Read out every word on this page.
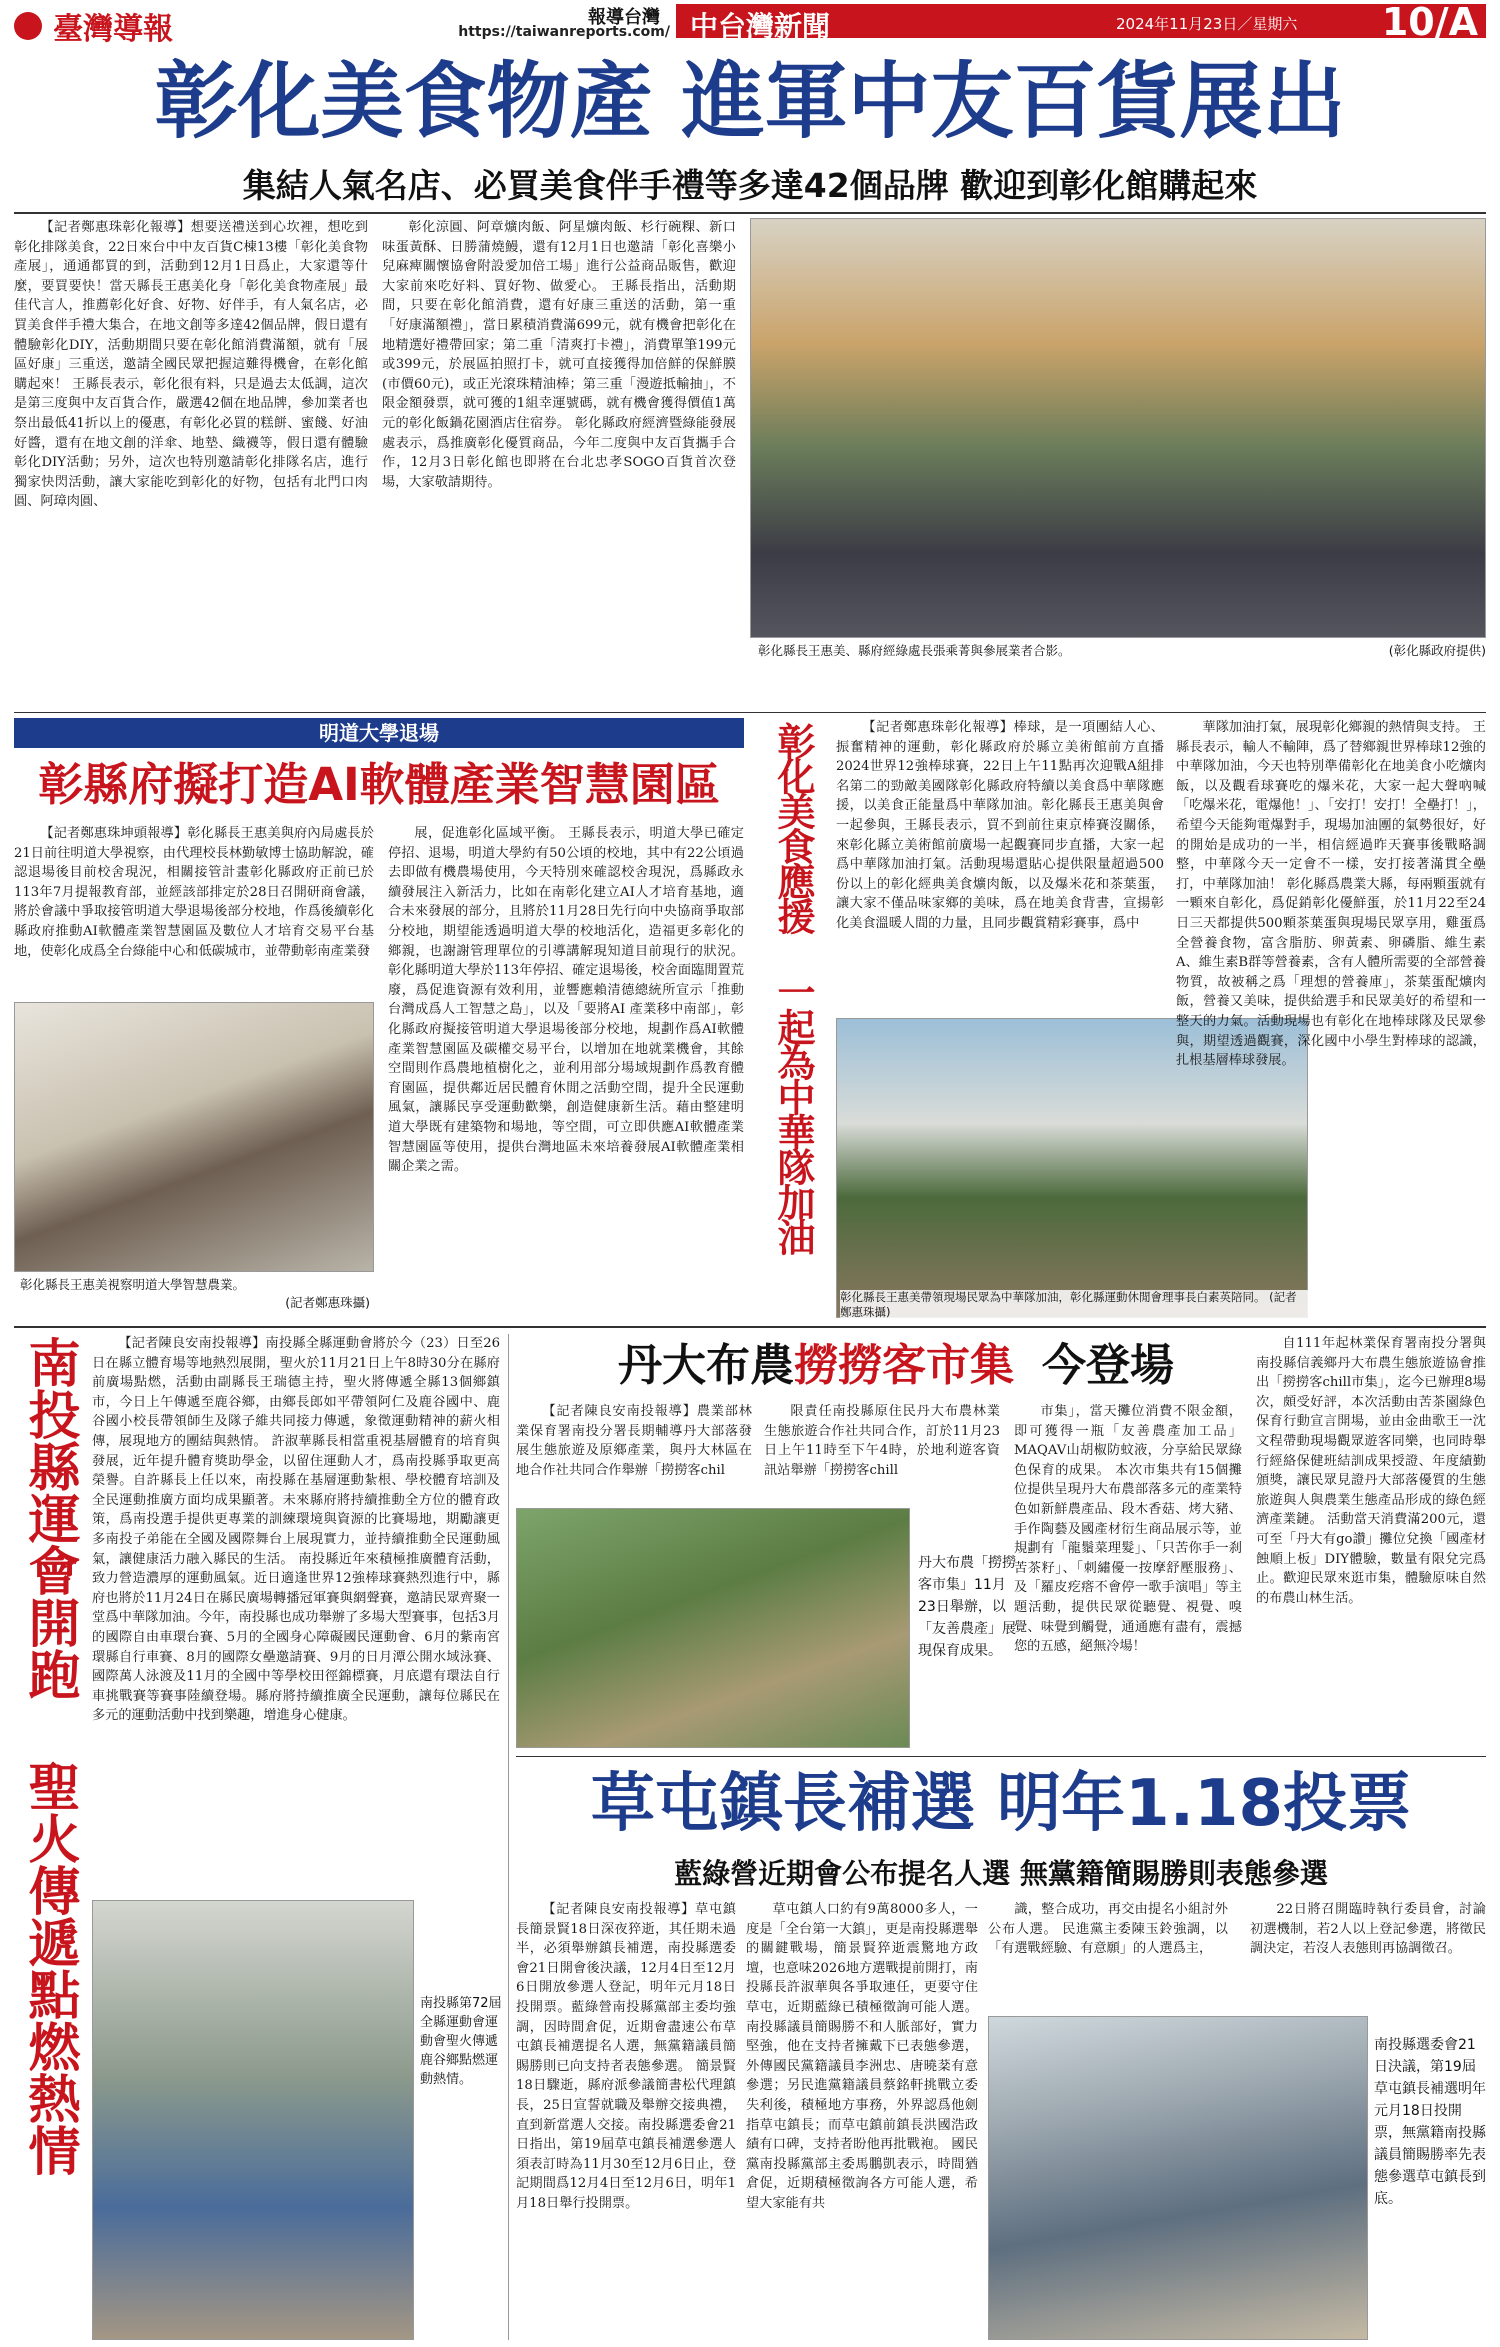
臺灣導報	報導台灣
https://taiwanreports.com/ 中台灣新聞	2024年11月23日／星期六 10/A
彰化美食物產 進軍中友百貨展出
集結人氣名店、必買美食伴手禮等多達42個品牌 歡迎到彰化館購起來

【記者鄭惠珠彰化報導】想要送禮送到心坎裡，想吃到彰化排隊美食，22日來台中中友百貨C棟13樓「彰化美食物產展」，通通都買的到，活動到12月1日爲止，大家還等什麼，要買要快！當天縣長王惠美化身「彰化美食物產展」最佳代言人，推薦彰化好食、好物、好伴手，有人氣名店，必買美食伴手禮大集合，在地文創等多達42個品牌，假日還有體驗彰化DIY，活動期間只要在彰化館消費滿額，就有「展區好康」三重送，邀請全國民眾把握這難得機會，在彰化館購起來！ 王縣長表示，彰化很有料，只是過去太低調，這次是第三度與中友百貨合作，嚴選42個在地品牌，參加業者也祭出最低41折以上的優惠，有彰化必買的糕餅、蜜餞、好油好醬，還有在地文創的洋傘、地墊、織襪等，假日還有體驗彰化DIY活動；另外，這次也特別邀請彰化排隊名店，進行獨家快閃活動，讓大家能吃到彰化的好物，包括有北門口肉圓、阿璋肉圓、

彰化涼圓、阿章爌肉飯、阿星爌肉飯、杉行碗粿、新口味蛋黃酥、日勝蒲燒鰻，還有12月1日也邀請「彰化喜樂小兒麻痺關懷協會附設愛加倍工場」進行公益商品販售，歡迎大家前來吃好料、買好物、做愛心。 王縣長指出，活動期間，只要在彰化館消費，還有好康三重送的活動，第一重「好康滿額禮」，當日累積消費滿699元，就有機會把彰化在地精選好禮帶回家；第二重「清爽打卡禮」，消費單筆199元或399元，於展區拍照打卡，就可直接獲得加倍鮮的保鮮膜(市價60元)，或正光滾珠精油棒；第三重「漫遊抵輸抽」，不限金額發票，就可獲的1組幸運號碼，就有機會獲得價值1萬元的彰化飯鍋花園酒店住宿券。 彰化縣政府經濟暨綠能發展處表示，爲推廣彰化優質商品，今年二度與中友百貨攜手合作，12月3日彰化館也即將在台北忠孝SOGO百貨首次登場，大家敬請期待。

彰化縣長王惠美、縣府經綠處長張乘菁與參展業者合影。	(彰化縣政府提供)
明道大學退場
彰縣府擬打造AI軟體產業智慧園區

【記者鄭惠珠坤頭報導】彰化縣長王惠美與府內局處長於21日前往明道大學視察，由代理校長林勤敏博士協助解說，確認退場後目前校舍現況，相關接管計畫彰化縣政府正前已於113年7月提報教育部，並經該部排定於28日召開研商會議，將於會議中爭取接管明道大學退場後部分校地，作爲後續彰化縣政府推動AI軟體產業智慧園區及數位人才培育交易平台基地，使彰化成爲全台綠能中心和低碳城市，並帶動彰南產業發

彰化縣長王惠美視察明道大學智慧農業。
(記者鄭惠珠攝)

展，促進彰化區域平衡。 王縣長表示，明道大學已確定停招、退場，明道大學約有50公頃的校地，其中有22公頃過去即做有機農場使用，今天特別來確認校舍現況，爲縣政永續發展注入新活力，比如在南彰化建立AI人才培育基地，適合未來發展的部分，且將於11月28日先行向中央協商爭取部分校地，期望能透過明道大學的校地活化，造福更多彰化的鄉親，也謝謝管理單位的引導講解現知道目前現行的狀況。 彰化縣明道大學於113年停招、確定退場後，校舍面臨閒置荒廢，爲促進資源有效利用，並響應賴清德總統所宣示「推動台灣成爲人工智慧之島」，以及「要將AI 產業移中南部」，彰化縣政府擬接管明道大學退場後部分校地，規劃作爲AI軟體產業智慧園區及碳權交易平台，以增加在地就業機會，其餘空間則作爲農地植樹化之，並利用部分場域規劃作爲教育體育園區，提供鄰近居民體育休閒之活動空間，提升全民運動風氣，讓縣民享受運動歡樂，創造健康新生活。藉由整建明道大學既有建築物和場地，等空間，可立即供應AI軟體產業智慧園區等使用，提供台灣地區未來培養發展AI軟體產業相關企業之需。	彰化美食應援 一起為中華隊加油	【記者鄭惠珠彰化報導】棒球，是一項團結人心、振奮精神的運動，彰化縣政府於縣立美術館前方直播2024世界12強棒球賽，22日上午11點再次迎戰A組排名第二的勁敵美國隊彰化縣政府特續以美食爲中華隊應援，以美食正能量爲中華隊加油。彰化縣長王惠美與會一起參與，王縣長表示，買不到前往東京棒賽沒關係，來彰化縣立美術館前廣場一起觀賽同步直播，大家一起爲中華隊加油打氣。活動現場還貼心提供限量超過500份以上的彰化經典美食爌肉飯，以及爆米花和茶葉蛋，讓大家不僅品味家鄉的美味，爲在地美食背書，宣揚彰化美食溫暖人間的力量，且同步觀賞精彩賽事，爲中

彰化縣長王惠美帶領現場民眾為中華隊加油，彰化縣運動休閒會理事長白素英陪同。 (記者鄭惠珠攝)

華隊加油打氣，展現彰化鄉親的熱情與支持。 王縣長表示，輸人不輸陣，爲了替鄉親世界棒球12強的中華隊加油，今天也特別準備彰化在地美食小吃爌肉飯，以及觀看球賽吃的爆米花，大家一起大聲吶喊「吃爆米花，電爆他！」、「安打！安打！全壘打！」，希望今天能夠電爆對手，現場加油團的氣勢很好，好的開始是成功的一半，相信經過昨天賽事後戰略調整，中華隊今天一定會不一樣，安打接著滿貫全壘打，中華隊加油！ 彰化縣爲農業大縣，每兩顆蛋就有一顆來自彰化，爲促銷彰化優鮮蛋，於11月22至24日三天都提供500顆茶葉蛋與現場民眾享用，雞蛋爲全營養食物，富含脂肪、卵黃素、卵磷脂、維生素A、維生素B群等營養素，含有人體所需要的全部營養物質，故被稱之爲「理想的營養庫」，茶葉蛋配爌肉飯，營養又美味，提供給選手和民眾美好的希望和一整天的力氣。活動現場也有彰化在地棒球隊及民眾參與，期望透過觀賽，深化國中小學生對棒球的認識，扎根基層棒球發展。

南投縣運會開跑 聖火傳遞點燃熱情	【記者陳良安南投報導】南投縣全縣運動會將於今（23）日至26日在縣立體育場等地熱烈展開，聖火於11月21日上午8時30分在縣府前廣場點燃，活動由副縣長王瑞德主持，聖火將傳遞全縣13個鄉鎮市，今日上午傳遞至鹿谷鄉，由鄉長郎如平帶領阿仁及鹿谷國中、鹿谷國小校長帶領師生及隊子維共同接力傳遞，象徵運動精神的薪火相傳，展現地方的團結與熱情。 許淑華縣長相當重視基層體育的培育與發展，近年提升體育獎助學金，以留住運動人才，爲南投縣爭取更高榮譽。自許縣長上任以來，南投縣在基層運動紮根、學校體育培訓及全民運動推廣方面均成果顯著。未來縣府將持續推動全方位的體育政策，爲南投選手提供更專業的訓練環境與資源的比賽場地，期勵讓更多南投子弟能在全國及國際舞台上展現實力，並持續推動全民運動風氣，讓健康活力融入縣民的生活。 南投縣近年來積極推廣體育活動，致力營造濃厚的運動風氣。近日適逢世界12強棒球賽熱烈進行中，縣府也將於11月24日在縣民廣場轉播冠軍賽與網聲賽，邀請民眾齊聚一堂爲中華隊加油。今年，南投縣也成功舉辦了多場大型賽事，包括3月的國際自由車環台賽、5月的全國身心障礙國民運動會、6月的紫南宮環縣自行車賽、8月的國際女壘邀請賽、9月的日月潭公開水域泳賽、國際萬人泳渡及11月的全國中等學校田徑錦標賽，月底還有環法自行車挑戰賽等賽事陸續登場。縣府將持續推廣全民運動，讓每位縣民在多元的運動活動中找到樂趣，增進身心健康。

南投縣第72屆全縣運動會運動會聖火傳遞鹿谷鄉點燃運動熱情。
丹大布農撈撈客市集 今登場

【記者陳良安南投報導】農業部林業保育署南投分署長期輔導丹大部落發展生態旅遊及原鄉產業，與丹大林區在地合作社共同合作舉辦「撈撈客chil

限責任南投縣原住民丹大布農林業生態旅遊合作社共同合作，訂於11月23日上午11時至下午4時，於地利遊客資訊站舉辦「撈撈客chill

丹大布農「撈撈客市集」11月23日舉辦，以「友善農產」展現保育成果。

市集」，當天攤位消費不限金額，即可獲得一瓶「友善農產加工品」MAQAV山胡椒防蚊液，分享給民眾綠色保育的成果。 本次市集共有15個攤位提供呈現丹大布農部落多元的產業特色如新鮮農產品、段木香菇、烤大豬、手作陶藝及國產材衍生商品展示等，並規劃有「龍鬚菜理髮」、「只苦你手一刹苦茶籽」、「刺繡優一按摩舒壓服務」、及「羅皮疙瘩不會停一歌手演唱」等主題活動，提供民眾從聽覺、視覺、嗅覺、味覺到觸覺，通通應有盡有，震撼您的五感，絕無冷場！

自111年起林業保育署南投分署與南投縣信義鄉丹大布農生態旅遊協會推出「撈撈客chill市集」，迄今已辦理8場次，頗受好評，本次活動由苦茶園綠色保育行動宣言開場，並由金曲歌王一沈文程帶動現場觀眾遊客同樂，也同時舉行經絡保健班結訓成果授證、年度績勤頒獎，讓民眾見證丹大部落優質的生態旅遊與人與農業生態產品形成的綠色經濟產業鏈。 活動當天消費滿200元，還可至「丹大有go讚」攤位兌換「國產材蝕順上板」DIY體驗，數量有限兌完爲止。歡迎民眾來逛市集，體驗原味自然的布農山林生活。

草屯鎮長補選 明年1.18投票
藍綠營近期會公布提名人選 無黨籍簡賜勝則表態參選

【記者陳良安南投報導】草屯鎮長簡景賢18日深夜猝逝，其任期未過半，必須舉辦鎮長補選，南投縣選委會21日開會後決議，12月4日至12月6日開放參選人登記，明年元月18日投開票。藍綠營南投縣黨部主委均強調，因時間倉促，近期會盡速公布草屯鎮長補選提名人選，無黨籍議員簡賜勝則已向支持者表態參選。 簡景賢18日驟逝，縣府派參議簡書松代理鎮長，25日宣誓就職及舉辦交接典禮，直到新當選人交接。南投縣選委會21日指出，第19屆草屯鎮長補選參選人須表訂時為11月30至12月6日止，登記期間爲12月4日至12月6日，明年1月18日舉行投開票。

草屯鎮人口約有9萬8000多人，一度是「全台第一大鎮」，更是南投縣選舉的關鍵戰場，簡景賢猝逝震驚地方政壇，也意味2026地方選戰提前開打，南投縣長許淑華與各爭取連任，更要守住草屯，近期藍綠已積極徵詢可能人選。 南投縣議員簡賜勝不和人脈部好，實力堅強，他在支持者擁戴下已表態參選，外傳國民黨籍議員李洲忠、唐曉棻有意參選；另民進黨籍議員蔡銘軒挑戰立委失利後，積極地方事務，外界認爲他劍指草屯鎮長；而草屯鎮前鎮長洪國浩政績有口碑，支持者盼他再批戰袍。 國民黨南投縣黨部主委馬鵬凱表示，時間猶倉促，近期積極徵詢各方可能人選，希望大家能有共

識，整合成功，再交由提名小組討外公布人選。 民進黨主委陳玉鈴強調，以「有選戰經驗、有意願」的人選爲主，

22日將召開臨時執行委員會，討論初選機制，若2人以上登記參選，將徵民調決定，若沒人表態則再協調徵召。

南投縣選委會21日決議，第19屆草屯鎮長補選明年元月18日投開票，無黨籍南投縣議員簡賜勝率先表態參選草屯鎮長到底。
